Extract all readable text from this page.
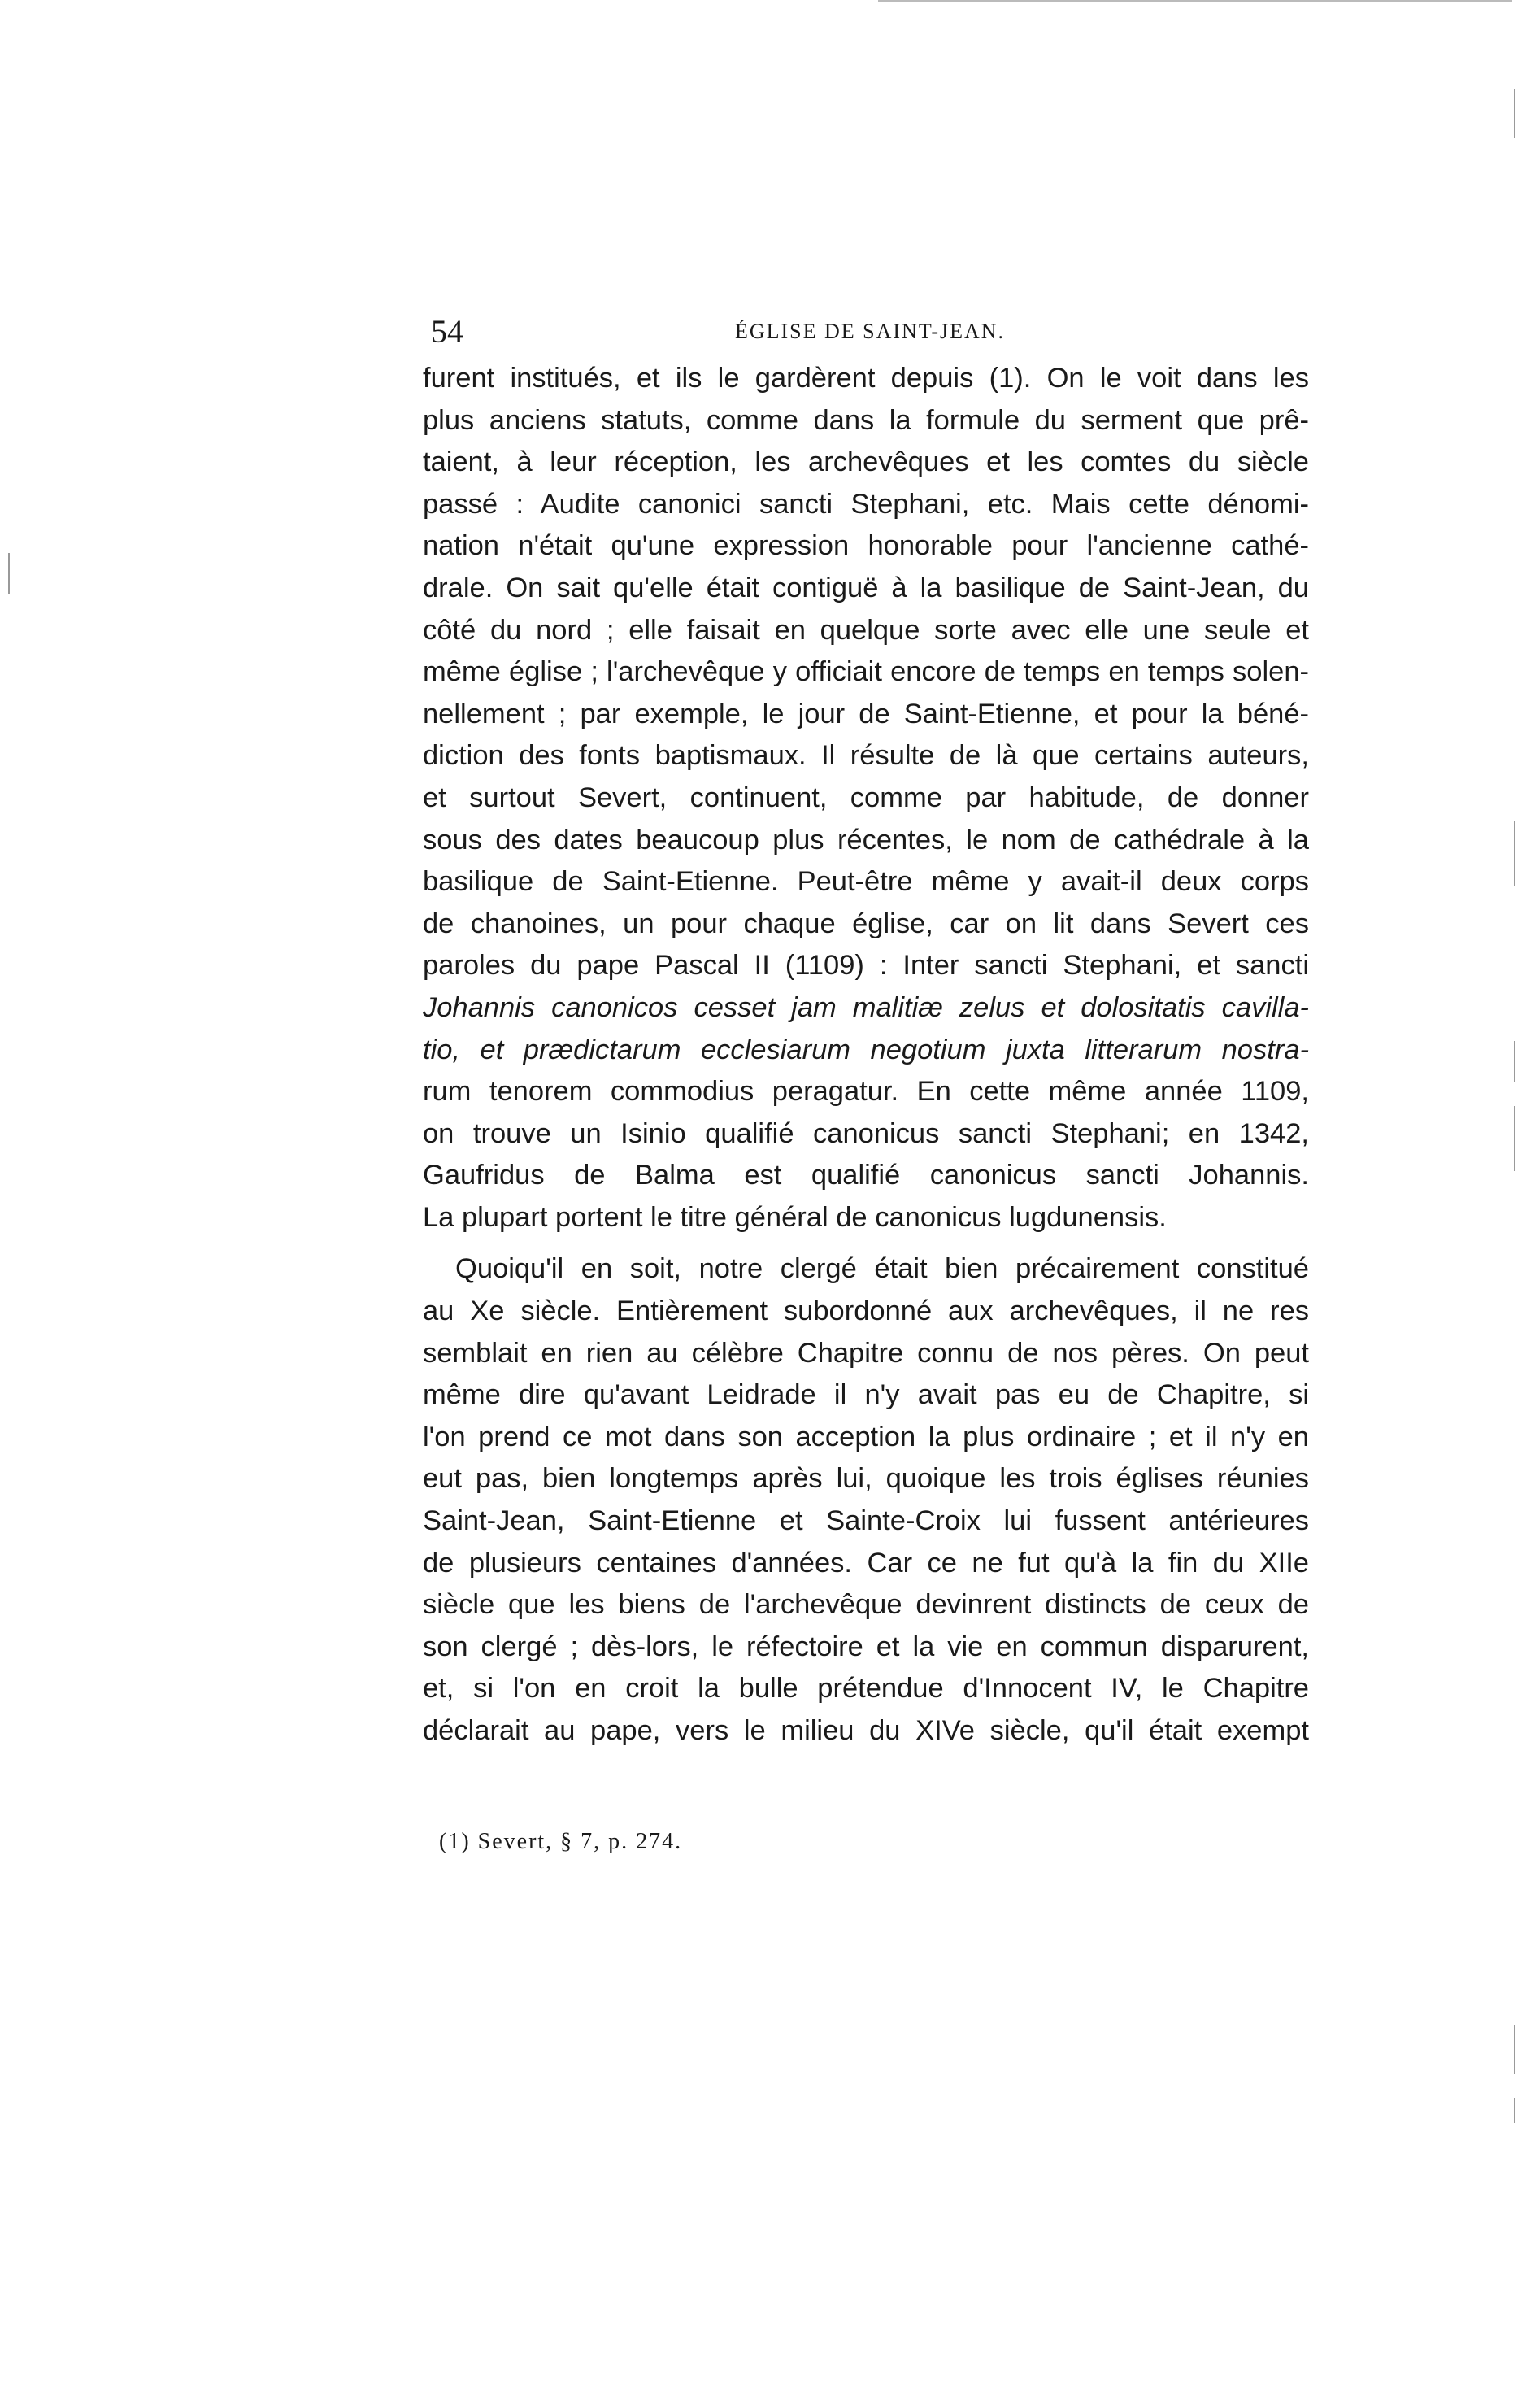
54	ÉGLISE DE SAINT-JEAN.
furent institués, et ils le gardèrent depuis (1). On le voit dans les
plus anciens statuts, comme dans la formule du serment que prê-
taient, à leur réception, les archevêques et les comtes du siècle
passé : Audite canonici sancti Stephani, etc. Mais cette dénomi-
nation n'était qu'une expression honorable pour l'ancienne cathé-
drale. On sait qu'elle était contiguë à la basilique de Saint-Jean, du
côté du nord ; elle faisait en quelque sorte avec elle une seule et
même église ; l'archevêque y officiait encore de temps en temps solen-
nellement ; par exemple, le jour de Saint-Etienne, et pour la béné-
diction des fonts baptismaux. Il résulte de là que certains auteurs,
et surtout Severt, continuent, comme par habitude, de donner
sous des dates beaucoup plus récentes, le nom de cathédrale à la
basilique de Saint-Etienne. Peut-être même y avait-il deux corps
de chanoines, un pour chaque église, car on lit dans Severt ces
paroles du pape Pascal II (1109) : Inter sancti Stephani, et sancti
Johannis canonicos cesset jam malitiæ zelus et dolositatis cavilla-
tio, et prædictarum ecclesiarum negotium juxta litterarum nostra-
rum tenorem commodius peragatur. En cette même année 1109,
on trouve un Isinio qualifié canonicus sancti Stephani; en 1342,
Gaufridus de Balma est qualifié canonicus sancti Johannis.
La plupart portent le titre général de canonicus lugdunensis.
Quoiqu'il en soit, notre clergé était bien précairement constitué
au Xe siècle. Entièrement subordonné aux archevêques, il ne res
semblait en rien au célèbre Chapitre connu de nos pères. On peut
même dire qu'avant Leidrade il n'y avait pas eu de Chapitre, si
l'on prend ce mot dans son acception la plus ordinaire ; et il n'y en
eut pas, bien longtemps après lui, quoique les trois églises réunies
Saint-Jean, Saint-Etienne et Sainte-Croix lui fussent antérieures
de plusieurs centaines d'années. Car ce ne fut qu'à la fin du XIIe
siècle que les biens de l'archevêque devinrent distincts de ceux de
son clergé ; dès-lors, le réfectoire et la vie en commun disparurent,
et, si l'on en croit la bulle prétendue d'Innocent IV, le Chapitre
déclarait au pape, vers le milieu du XIVe siècle, qu'il était exempt
(1) Severt, § 7, p. 274.
